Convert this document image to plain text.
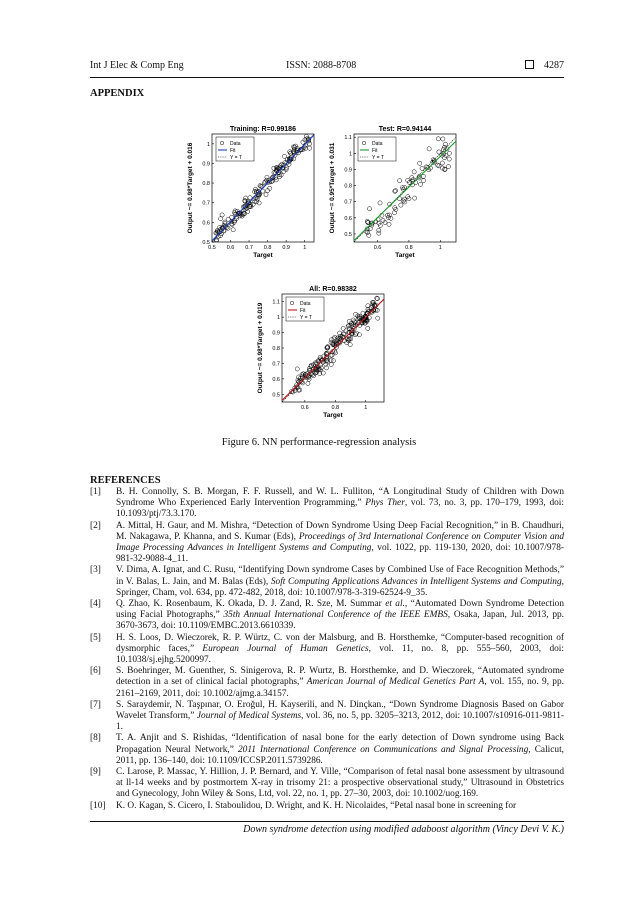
Int J Elec & Comp Eng	ISSN: 2088-8708	4287
APPENDIX
Training: R=0.99186
0.5 0.6 0.7 0.8 0.9 1
0.5
0.6
0.7
0.8
0.9
1
Target
Output ~= 0.98*Target + 0.016	Data
Fit
Y = T
Test: R=0.94144
0.6	0.8	1
0.5
0.6
0.7
0.8
0.9
1
1.1
Target
Output ~= 0.95*Target + 0.031	Data
Fit
Y = T
All: R=0.98382
0.6	0.8	1
0.5
0.6
0.7
0.8
0.9
1
1.1
Target
Output ~= 0.98*Target + 0.019	Data
Fit
Y = T
Figure 6. NN performance-regression analysis
REFERENCES
[1] B. H. Connolly, S. B. Morgan, F. F. Russell, and W. L. Fulliton, “A Longitudinal Study of Children with Down Syndrome Who Experienced Early Intervention Programming,” Phys Ther, vol. 73, no. 3, pp. 170–179, 1993, doi: 10.1093/ptj/73.3.170.
[2] A. Mittal, H. Gaur, and M. Mishra, “Detection of Down Syndrome Using Deep Facial Recognition,” in B. Chaudhuri, M. Nakagawa, P. Khanna, and S. Kumar (Eds), Proceedings of 3rd International Conference on Computer Vision and Image Processing Advances in Intelligent Systems and Computing, vol. 1022, pp. 119-130, 2020, doi: 10.1007/978-981-32-9088-4_11.
[3] V. Dima, A. Ignat, and C. Rusu, “Identifying Down syndrome Cases by Combined Use of Face Recognition Methods,” in V. Balas, L. Jain, and M. Balas (Eds), Soft Computing Applications Advances in Intelligent Systems and Computing, Springer, Cham, vol. 634, pp. 472-482, 2018, doi: 10.1007/978-3-319-62524-9_35.
[4] Q. Zhao, K. Rosenbaum, K. Okada, D. J. Zand, R. Sze, M. Summar et al., “Automated Down Syndrome Detection using Facial Photographs,” 35th Annual International Conference of the IEEE EMBS, Osaka, Japan, Jul. 2013, pp. 3670-3673, doi: 10.1109/EMBC.2013.6610339.
[5] H. S. Loos, D. Wieczorek, R. P. Würtz, C. von der Malsburg, and B. Horsthemke, “Computer-based recognition of dysmorphic faces,” European Journal of Human Genetics, vol. 11, no. 8, pp. 555–560, 2003, doi: 10.1038/sj.ejhg.5200997.
[6] S. Boehringer, M. Guenther, S. Sinigerova, R. P. Wurtz, B. Horsthemke, and D. Wieczorek, “Automated syndrome detection in a set of clinical facial photographs,” American Journal of Medical Genetics Part A, vol. 155, no. 9, pp. 2161–2169, 2011, doi: 10.1002/ajmg.a.34157.
[7] S. Saraydemir, N. Taşpınar, O. Eroğul, H. Kayserili, and N. Dinçkan., “Down Syndrome Diagnosis Based on Gabor Wavelet Transform,” Journal of Medical Systems, vol. 36, no. 5, pp. 3205–3213, 2012, doi: 10.1007/s10916-011-9811-1.
[8] T. A. Anjit and S. Rishidas, “Identification of nasal bone for the early detection of Down syndrome using Back Propagation Neural Network,” 2011 International Conference on Communications and Signal Processing, Calicut, 2011, pp. 136–140, doi: 10.1109/ICCSP.2011.5739286.
[9] C. Larose, P. Massac, Y. Hillion, J. P. Bernard, and Y. Ville, “Comparison of fetal nasal bone assessment by ultrasound at ll-14 weeks and by postmortem X-ray in trisomy 21: a prospective observational study,” Ultrasound in Obstetrics and Gynecology, John Wiley & Sons, Ltd, vol. 22, no. 1, pp. 27–30, 2003, doi: 10.1002/uog.169.
[10] K. O. Kagan, S. Cicero, I. Staboulidou, D. Wright, and K. H. Nicolaides, “Petal nasal bone in screening for
Down syndrome detection using modified adaboost algorithm (Vincy Devi V. K.)
